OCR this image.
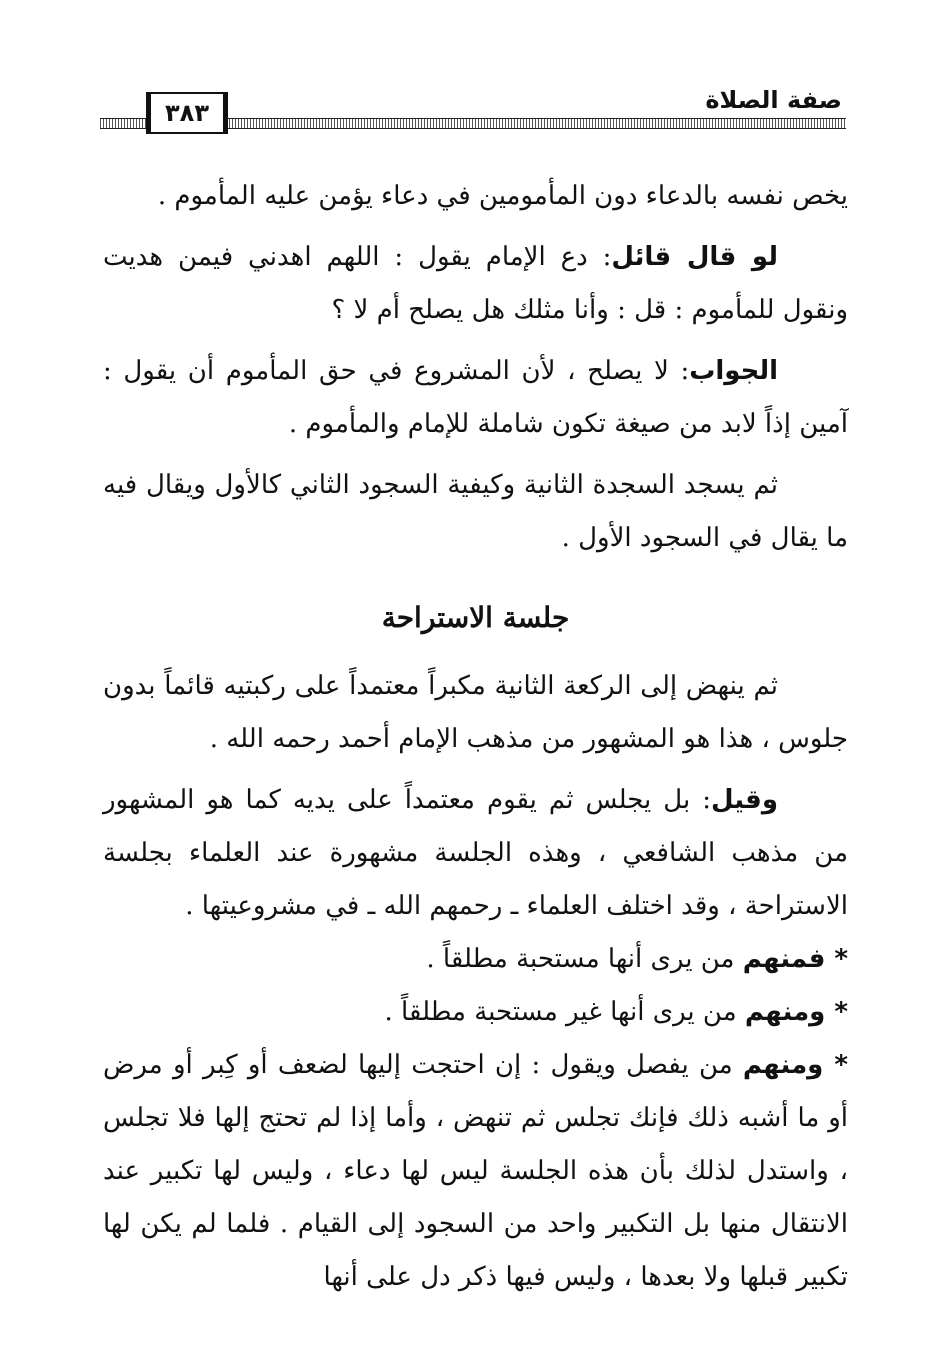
٣٨٣	صفة الصلاة

يخص نفسه بالدعاء دون المأمومين في دعاء يؤمن عليه المأموم .

لو قال قائل: دع الإمام يقول : اللهم اهدني فيمن هديت ونقول للمأموم : قل : وأنا مثلك هل يصلح أم لا ؟

الجواب: لا يصلح ، لأن المشروع في حق المأموم أن يقول : آمين إذاً لابد من صيغة تكون شاملة للإمام والمأموم .

ثم يسجد السجدة الثانية وكيفية السجود الثاني كالأول ويقال فيه ما يقال في السجود الأول .

جلسة الاستراحة

ثم ينهض إلى الركعة الثانية مكبراً معتمداً على ركبتيه قائماً بدون جلوس ، هذا هو المشهور من مذهب الإمام أحمد رحمه الله .

وقيل: بل يجلس ثم يقوم معتمداً على يديه كما هو المشهور من مذهب الشافعي ، وهذه الجلسة مشهورة عند العلماء بجلسة الاستراحة ، وقد اختلف العلماء ـ رحمهم الله ـ في مشروعيتها .

* فمنهم من يرى أنها مستحبة مطلقاً .

* ومنهم من يرى أنها غير مستحبة مطلقاً .

* ومنهم من يفصل ويقول : إن احتجت إليها لضعف أو كِبر أو مرض أو ما أشبه ذلك فإنك تجلس ثم تنهض ، وأما إذا لم تحتج إلها فلا تجلس ، واستدل لذلك بأن هذه الجلسة ليس لها دعاء ، وليس لها تكبير عند الانتقال منها بل التكبير واحد من السجود إلى القيام . فلما لم يكن لها تكبير قبلها ولا بعدها ، وليس فيها ذكر دل على أنها
